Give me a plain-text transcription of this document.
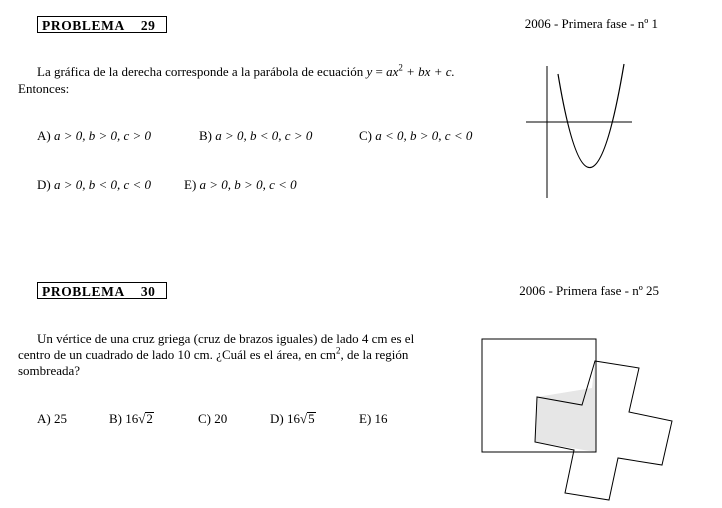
PROBLEMA 29	2006 - Primera fase - nº 1
La gráfica de la derecha corresponde a la parábola de ecuación $y = ax^2$ + bx + c.
Entonces:
A) a > 0, b > 0, c > 0	B) a > 0, b < 0, c > 0	C) a < 0, b > 0, c < 0
D) a > 0, b < 0, c < 0	E) a > 0, b > 0, c < 0
PROBLEMA 30	2006 - Primera fase - nº 25
Un vértice de una cruz griega (cruz de brazos iguales) de lado 4 cm es el
centro de un cuadrado de lado 10 cm. ¿Cuál es el área, en $cm^2$, de la región
sombreada?
A) 25	B) 16√2	C) 20	D) 16√5	E) 16
